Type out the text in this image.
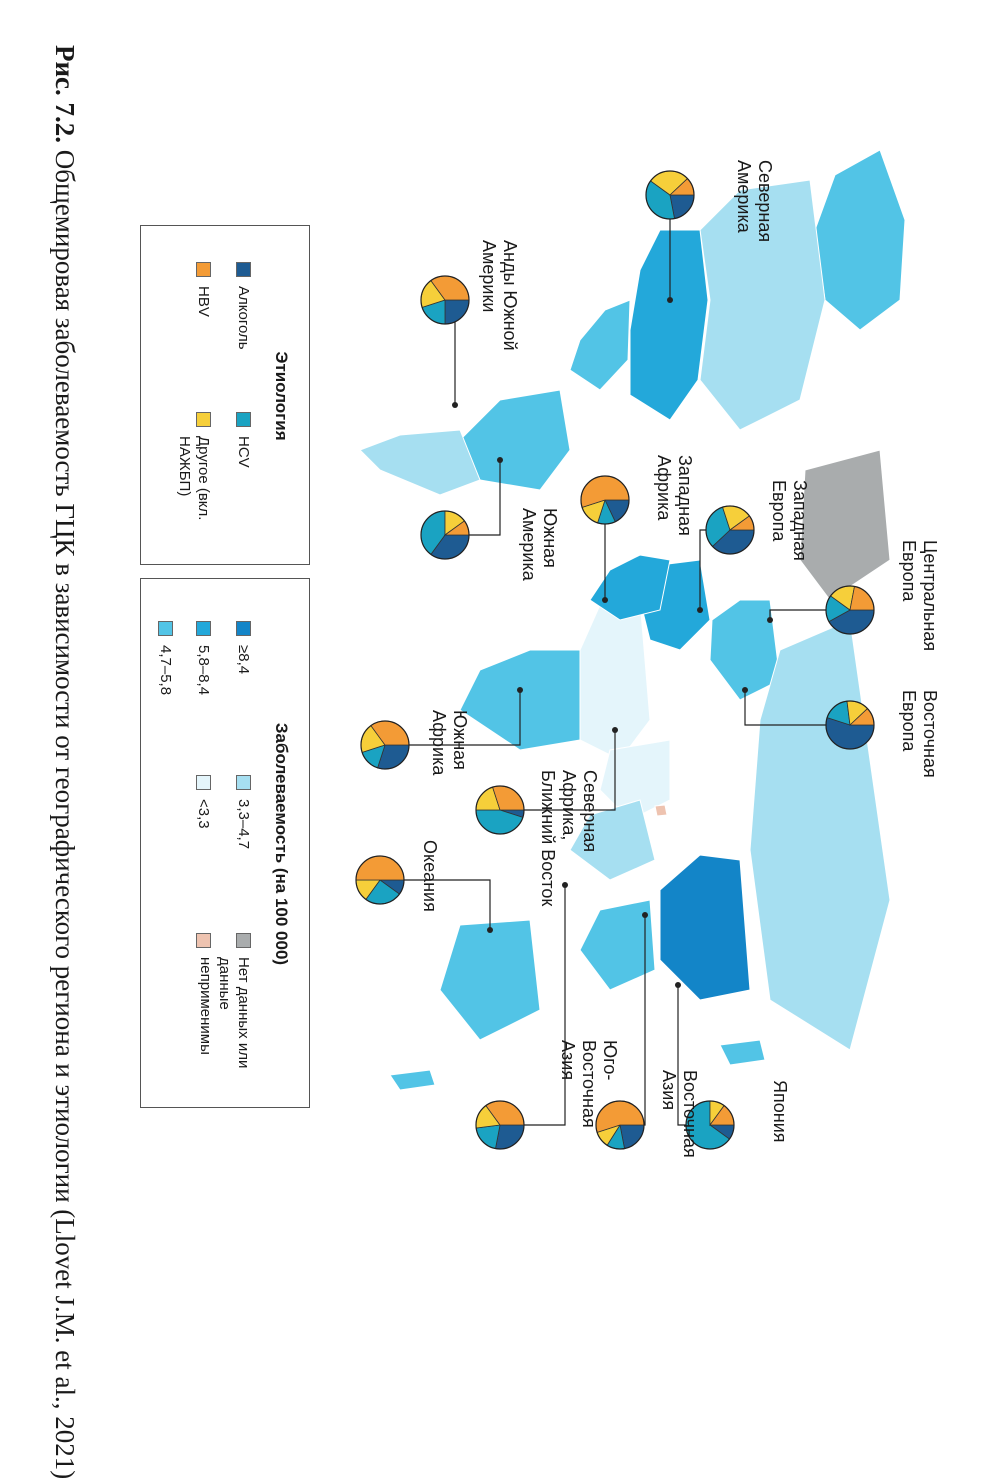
Северная
Америка
Анды Южной
Америки
Южная
Америка
Западная
Африка	Западная
Европа
Центральная
Европа
Восточная
Европа
Южная
Африка
Северная
Африка,
Ближний Восток
Океания
Япония
Восточная
Азия
Юго-
Восточная
Азия
Этиология
Алкоголь
HCV
HBV
Другое (вкл. НАЖБП)
Заболеваемость (на 100 000)
≥8,4
3,3–4,7
Нет данных или данные неприменимы
5,8–8,4
<3,3
4,7–5,8
Рис. 7.2. Общемировая заболеваемость ГЦК в зависимости от географического региона и этиологии (Llovet J.M. et al., 2021)
